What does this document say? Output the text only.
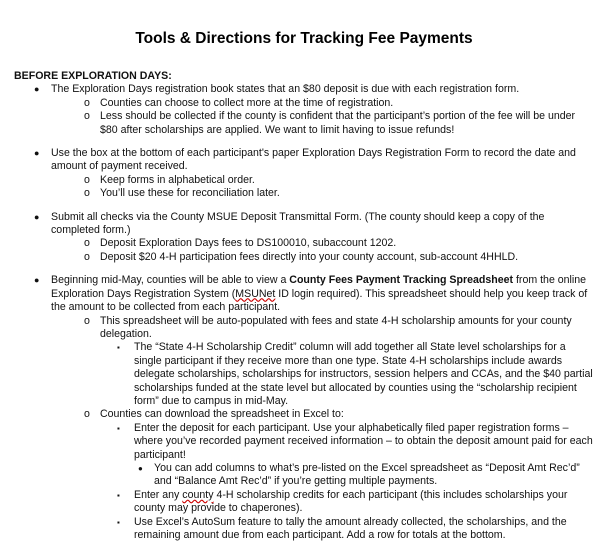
Tools & Directions for Tracking Fee Payments
BEFORE EXPLORATION DAYS:
● The Exploration Days registration book states that an $80 deposit is due with each registration form.
o Counties can choose to collect more at the time of registration.
o Less should be collected if the county is confident that the participant’s portion of the fee will be under $80 after scholarships are applied. We want to limit having to issue refunds!
● Use the box at the bottom of each participant's paper Exploration Days Registration Form to record the date and amount of payment received.
o Keep forms in alphabetical order.
o You’ll use these for reconciliation later.
● Submit all checks via the County MSUE Deposit Transmittal Form. (The county should keep a copy of the completed form.)
o Deposit Exploration Days fees to DS100010, subaccount 1202.
o Deposit $20 4-H participation fees directly into your county account, sub-account 4HHLD.
● Beginning mid-May, counties will be able to view a County Fees Payment Tracking Spreadsheet from the online Exploration Days Registration System (MSUNet ID login required). This spreadsheet should help you keep track of the amount to be collected from each participant.
o This spreadsheet will be auto-populated with fees and state 4-H scholarship amounts for your county delegation.
▪ The “State 4-H Scholarship Credit” column will add together all State level scholarships for a single participant if they receive more than one type. State 4-H scholarships include awards delegate scholarships, scholarships for instructors, session helpers and CCAs, and the $40 partial scholarships funded at the state level but allocated by counties using the “scholarship recipient form” due to campus in mid-May.
o Counties can download the spreadsheet in Excel to:
▪ Enter the deposit for each participant. Use your alphabetically filed paper registration forms – where you’ve recorded payment received information – to obtain the deposit amount paid for each participant!
● You can add columns to what’s pre-listed on the Excel spreadsheet as “Deposit Amt Rec’d” and “Balance Amt Rec’d” if you’re getting multiple payments.
▪ Enter any county 4-H scholarship credits for each participant (this includes scholarships your county may provide to chaperones).
▪ Use Excel’s AutoSum feature to tally the amount already collected, the scholarships, and the remaining amount due from each participant. Add a row for totals at the bottom.
